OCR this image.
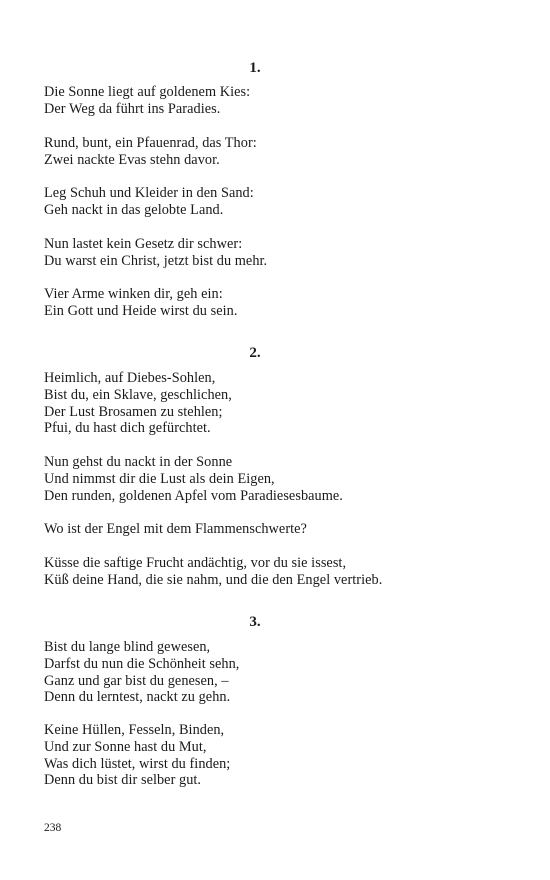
1.
Die Sonne liegt auf goldenem Kies:
Der Weg da führt ins Paradies.
Rund, bunt, ein Pfauenrad, das Thor:
Zwei nackte Evas stehn davor.
Leg Schuh und Kleider in den Sand:
Geh nackt in das gelobte Land.
Nun lastet kein Gesetz dir schwer:
Du warst ein Christ, jetzt bist du mehr.
Vier Arme winken dir, geh ein:
Ein Gott und Heide wirst du sein.
2.
Heimlich, auf Diebes-Sohlen,
Bist du, ein Sklave, geschlichen,
Der Lust Brosamen zu stehlen;
Pfui, du hast dich gefürchtet.
Nun gehst du nackt in der Sonne
Und nimmst dir die Lust als dein Eigen,
Den runden, goldenen Apfel vom Paradiesesbaume.
Wo ist der Engel mit dem Flammenschwerte?
Küsse die saftige Frucht andächtig, vor du sie issest,
Küß deine Hand, die sie nahm, und die den Engel vertrieb.
3.
Bist du lange blind gewesen,
Darfst du nun die Schönheit sehn,
Ganz und gar bist du genesen, –
Denn du lerntest, nackt zu gehn.
Keine Hüllen, Fesseln, Binden,
Und zur Sonne hast du Mut,
Was dich lüstet, wirst du finden;
Denn du bist dir selber gut.
238
